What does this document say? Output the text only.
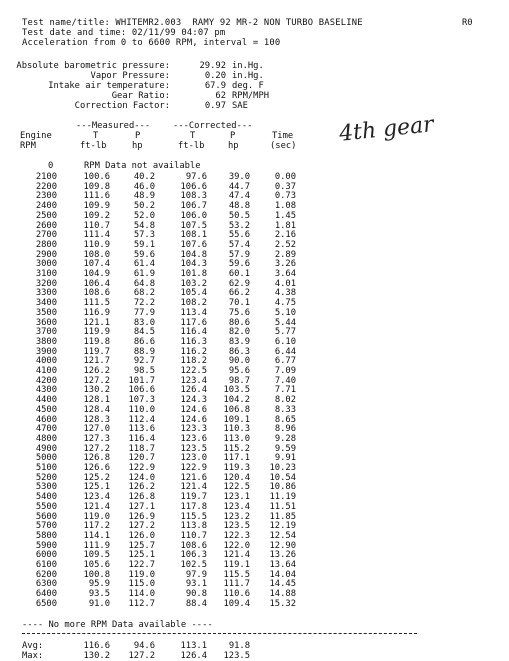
Test name/title: WHITEMR2.003  RAMY 92 MR-2 NON TURBO BASELINE	R0
Test date and time: 02/11/99 04:07 pm
Acceleration from 0 to 6600 RPM, interval = 100
Absolute barometric pressure:	29.92 in.Hg.
Vapor Pressure:	0.20 in.Hg.
Intake air temperature:	67.9 deg. F
Gear Ratio:	62 RPM/MPH
Correction Factor:	0.97 SAE
4th gear
---Measured---	---Corrected---
Engine	T	P	T	P	Time
RPM	ft-lb	hp	ft-lb	hp	(sec)
0	RPM Data not available
2100	100.6	40.2	97.6 39.0	0.00
2200	109.8	46.0	106.6 44.7	0.37
2300	111.6	48.9	108.3 47.4	0.73
2400	109.9	50.2	106.7 48.8	1.08
2500	109.2	52.0	106.0 50.5	1.45
2600	110.7	54.8	107.5 53.2	1.81
2700	111.4	57.3	108.1 55.6	2.16
2800	110.9	59.1	107.6 57.4	2.52
2900	108.0	59.6	104.8 57.9	2.89
3000	107.4	61.4	104.3 59.6	3.26
3100	104.9	61.9	101.8 60.1	3.64
3200	106.4	64.8	103.2 62.9	4.01
3300	108.6	68.2	105.4 66.2	4.38
3400	111.5	72.2	108.2 70.1	4.75
3500	116.9	77.9	113.4 75.6	5.10
3600	121.1	83.0	117.6 80.6	5.44
3700	119.9	84.5	116.4 82.0	5.77
3800	119.8	86.6	116.3 83.9	6.10
3900	119.7	88.9	116.2 86.3	6.44
4000	121.7	92.7	118.2 90.0	6.77
4100	126.2	98.5	122.5 95.6	7.09
4200	127.2 101.7	123.4 98.7	7.40
4300	130.2 106.6	126.4 103.5	7.71
4400	128.1 107.3	124.3 104.2	8.02
4500	128.4 110.0	124.6 106.8	8.33
4600	128.3 112.4	124.6 109.1	8.65
4700	127.0 113.6	123.3 110.3	8.96
4800	127.3 116.4	123.6 113.0	9.28
4900	127.2 118.7	123.5 115.2	9.59
5000	126.8 120.7	123.0 117.1	9.91
5100	126.6 122.9	122.9 119.3 10.23
5200	125.2 124.0	121.6 120.4 10.54
5300	125.1 126.2	121.4 122.5 10.86
5400	123.4 126.8	119.7 123.1 11.19
5500	121.4 127.1	117.8 123.4 11.51
5600	119.0 126.9	115.5 123.2 11.85
5700	117.2 127.2	113.8 123.5 12.19
5800	114.1 126.0	110.7 122.3 12.54
5900	111.9 125.7	108.6 122.0 12.90
6000	109.5 125.1	106.3 121.4 13.26
6100	105.6 122.7	102.5 119.1 13.64
6200	100.8 119.0	97.9 115.5 14.04
6300	95.9 115.0	93.1 111.7 14.45
6400	93.5 114.0	90.8 110.6 14.88
6500	91.0 112.7	88.4 109.4 15.32
---- No more RPM Data available ----
Avg:	116.6	94.6	113.1 91.8
Max:	130.2 127.2	126.4 123.5
